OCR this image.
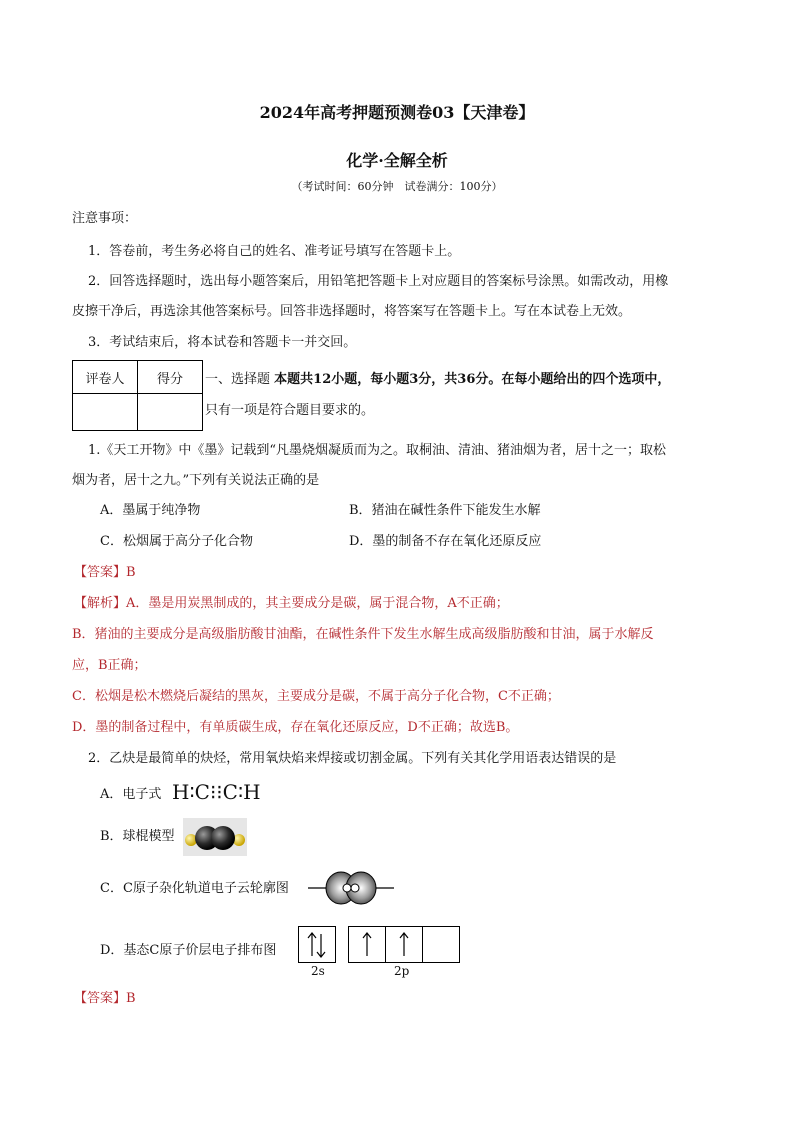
2024年高考押题预测卷03【天津卷】
化学·全解全析
（考试时间：60分钟　试卷满分：100分）
注意事项：
1．答卷前，考生务必将自己的姓名、准考证号填写在答题卡上。
2．回答选择题时，选出每小题答案后，用铅笔把答题卡上对应题目的答案标号涂黑。如需改动，用橡
皮擦干净后，再选涂其他答案标号。回答非选择题时，将答案写在答题卡上。写在本试卷上无效。
3．考试结束后，将本试卷和答题卡一并交回。
评卷人	得分
	一、选择题 本题共12小题，每小题3分，共36分。在每小题给出的四个选项中，
只有一项是符合题目要求的。
1.《天工开物》中《墨》记载到“凡墨烧烟凝质而为之。取桐油、清油、猪油烟为者，居十之一；取松
烟为者，居十之九。”下列有关说法正确的是
A．墨属于纯净物	B．猪油在碱性条件下能发生水解
C．松烟属于高分子化合物	D．墨的制备不存在氧化还原反应
【答案】B
【解析】A．墨是用炭黑制成的，其主要成分是碳，属于混合物，A不正确；
B．猪油的主要成分是高级脂肪酸甘油酯，在碱性条件下发生水解生成高级脂肪酸和甘油，属于水解反
应，B正确；
C．松烟是松木燃烧后凝结的黑灰，主要成分是碳，不属于高分子化合物，C不正确；
D．墨的制备过程中，有单质碳生成，存在氧化还原反应，D不正确；故选B。
2．乙炔是最简单的炔烃，常用氧炔焰来焊接或切割金属。下列有关其化学用语表达错误的是
A．电子式 H∶C⁝⁝C∶H
B．球棍模型
C．C原子杂化轨道电子云轮廓图
D．基态C原子价层电子排布图
2s	2p
【答案】B
